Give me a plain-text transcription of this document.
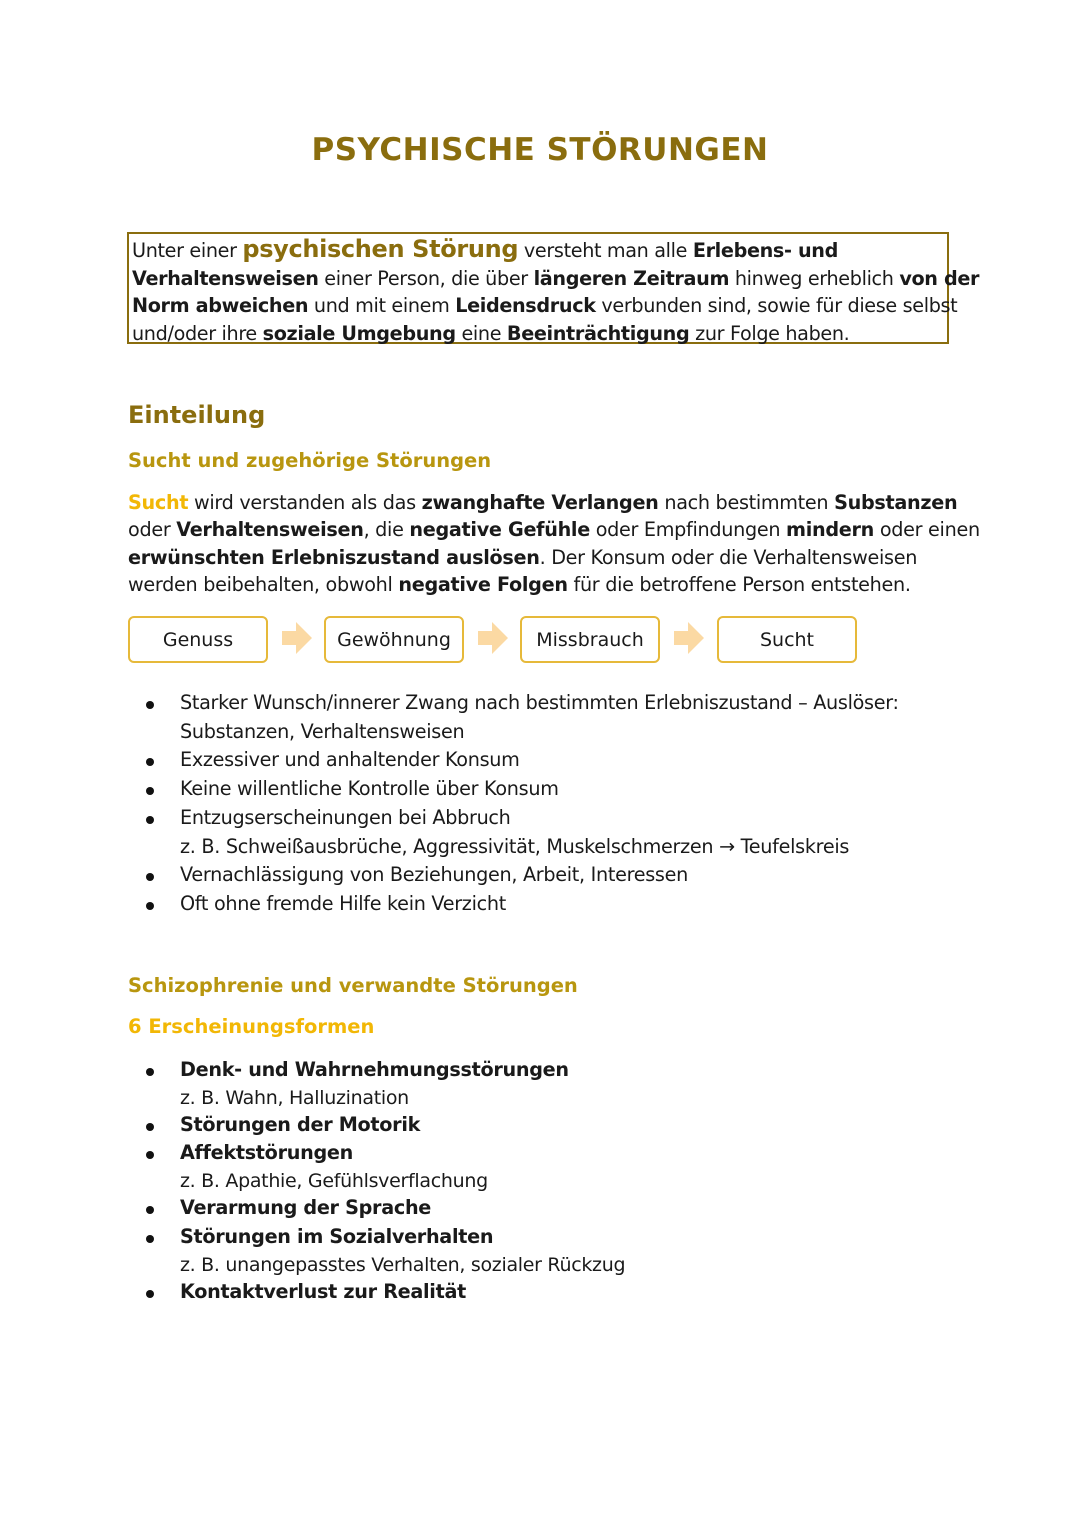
PSYCHISCHE STÖRUNGEN
Unter einer psychischen Störung versteht man alle Erlebens- und
Verhaltensweisen einer Person, die über längeren Zeitraum hinweg erheblich von der
Norm abweichen und mit einem Leidensdruck verbunden sind, sowie für diese selbst
und/oder ihre soziale Umgebung eine Beeinträchtigung zur Folge haben.
Einteilung
Sucht und zugehörige Störungen
Sucht wird verstanden als das zwanghafte Verlangen nach bestimmten Substanzen
oder Verhaltensweisen, die negative Gefühle oder Empfindungen mindern oder einen
erwünschten Erlebniszustand auslösen. Der Konsum oder die Verhaltensweisen
werden beibehalten, obwohl negative Folgen für die betroffene Person entstehen.
Genuss	Gewöhnung	Missbrauch	Sucht
Starker Wunsch/innerer Zwang nach bestimmten Erlebniszustand – Auslöser:
Substanzen, Verhaltensweisen
Exzessiver und anhaltender Konsum
Keine willentliche Kontrolle über Konsum
Entzugserscheinungen bei Abbruch
z. B. Schweißausbrüche, Aggressivität, Muskelschmerzen → Teufelskreis
Vernachlässigung von Beziehungen, Arbeit, Interessen
Oft ohne fremde Hilfe kein Verzicht
Schizophrenie und verwandte Störungen
6 Erscheinungsformen
Denk- und Wahrnehmungsstörungen
z. B. Wahn, Halluzination
Störungen der Motorik
Affektstörungen
z. B. Apathie, Gefühlsverflachung
Verarmung der Sprache
Störungen im Sozialverhalten
z. B. unangepasstes Verhalten, sozialer Rückzug
Kontaktverlust zur Realität
